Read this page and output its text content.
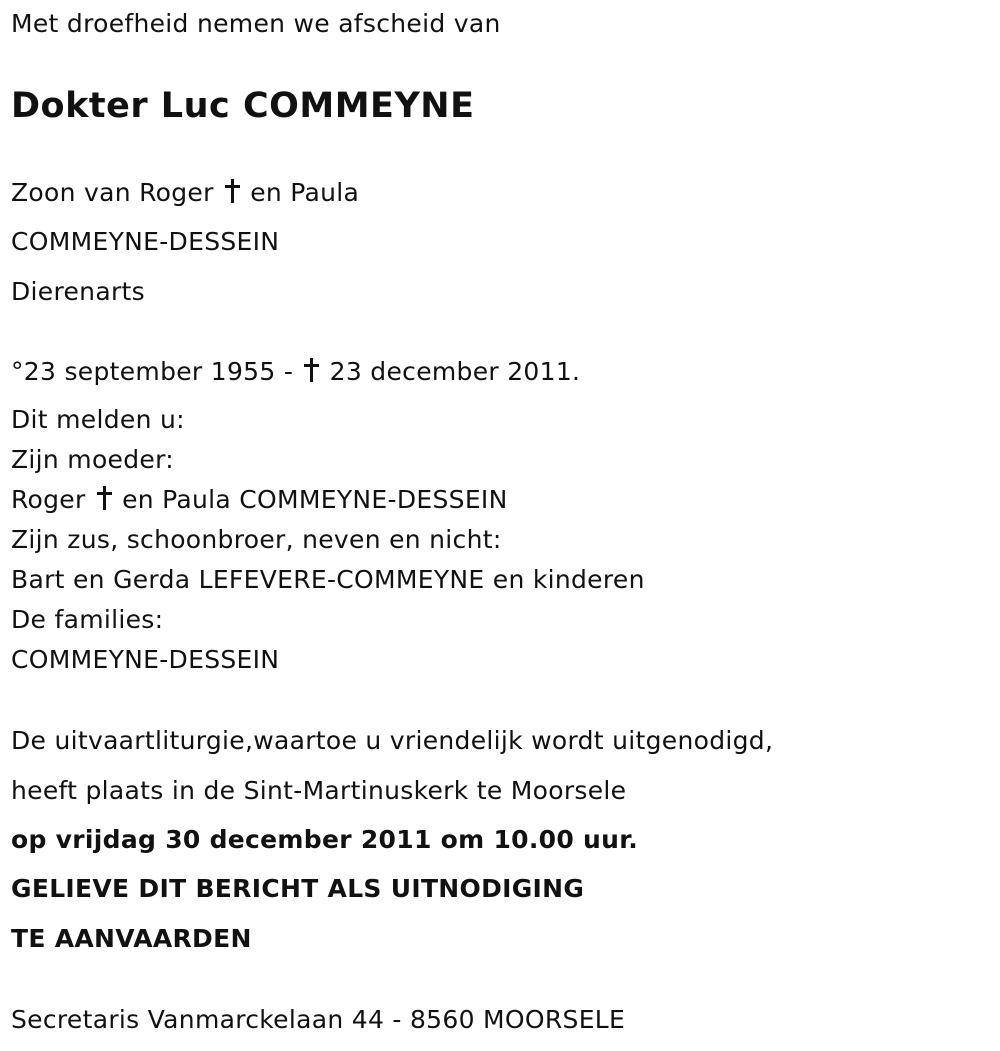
Met droefheid nemen we afscheid van

Dokter Luc COMMEYNE

Zoon van Roger en Paula

COMMEYNE-DESSEIN

Dierenarts

°23 september 1955 - 23 december 2011.

Dit melden u:

Zijn moeder:

Roger en Paula COMMEYNE-DESSEIN

Zijn zus, schoonbroer, neven en nicht:

Bart en Gerda LEFEVERE-COMMEYNE en kinderen

De families:

COMMEYNE-DESSEIN

De uitvaartliturgie,waartoe u vriendelijk wordt uitgenodigd,

heeft plaats in de Sint-Martinuskerk te Moorsele

op vrijdag 30 december 2011 om 10.00 uur.

GELIEVE DIT BERICHT ALS UITNODIGING

TE AANVAARDEN

Secretaris Vanmarckelaan 44 - 8560 MOORSELE
